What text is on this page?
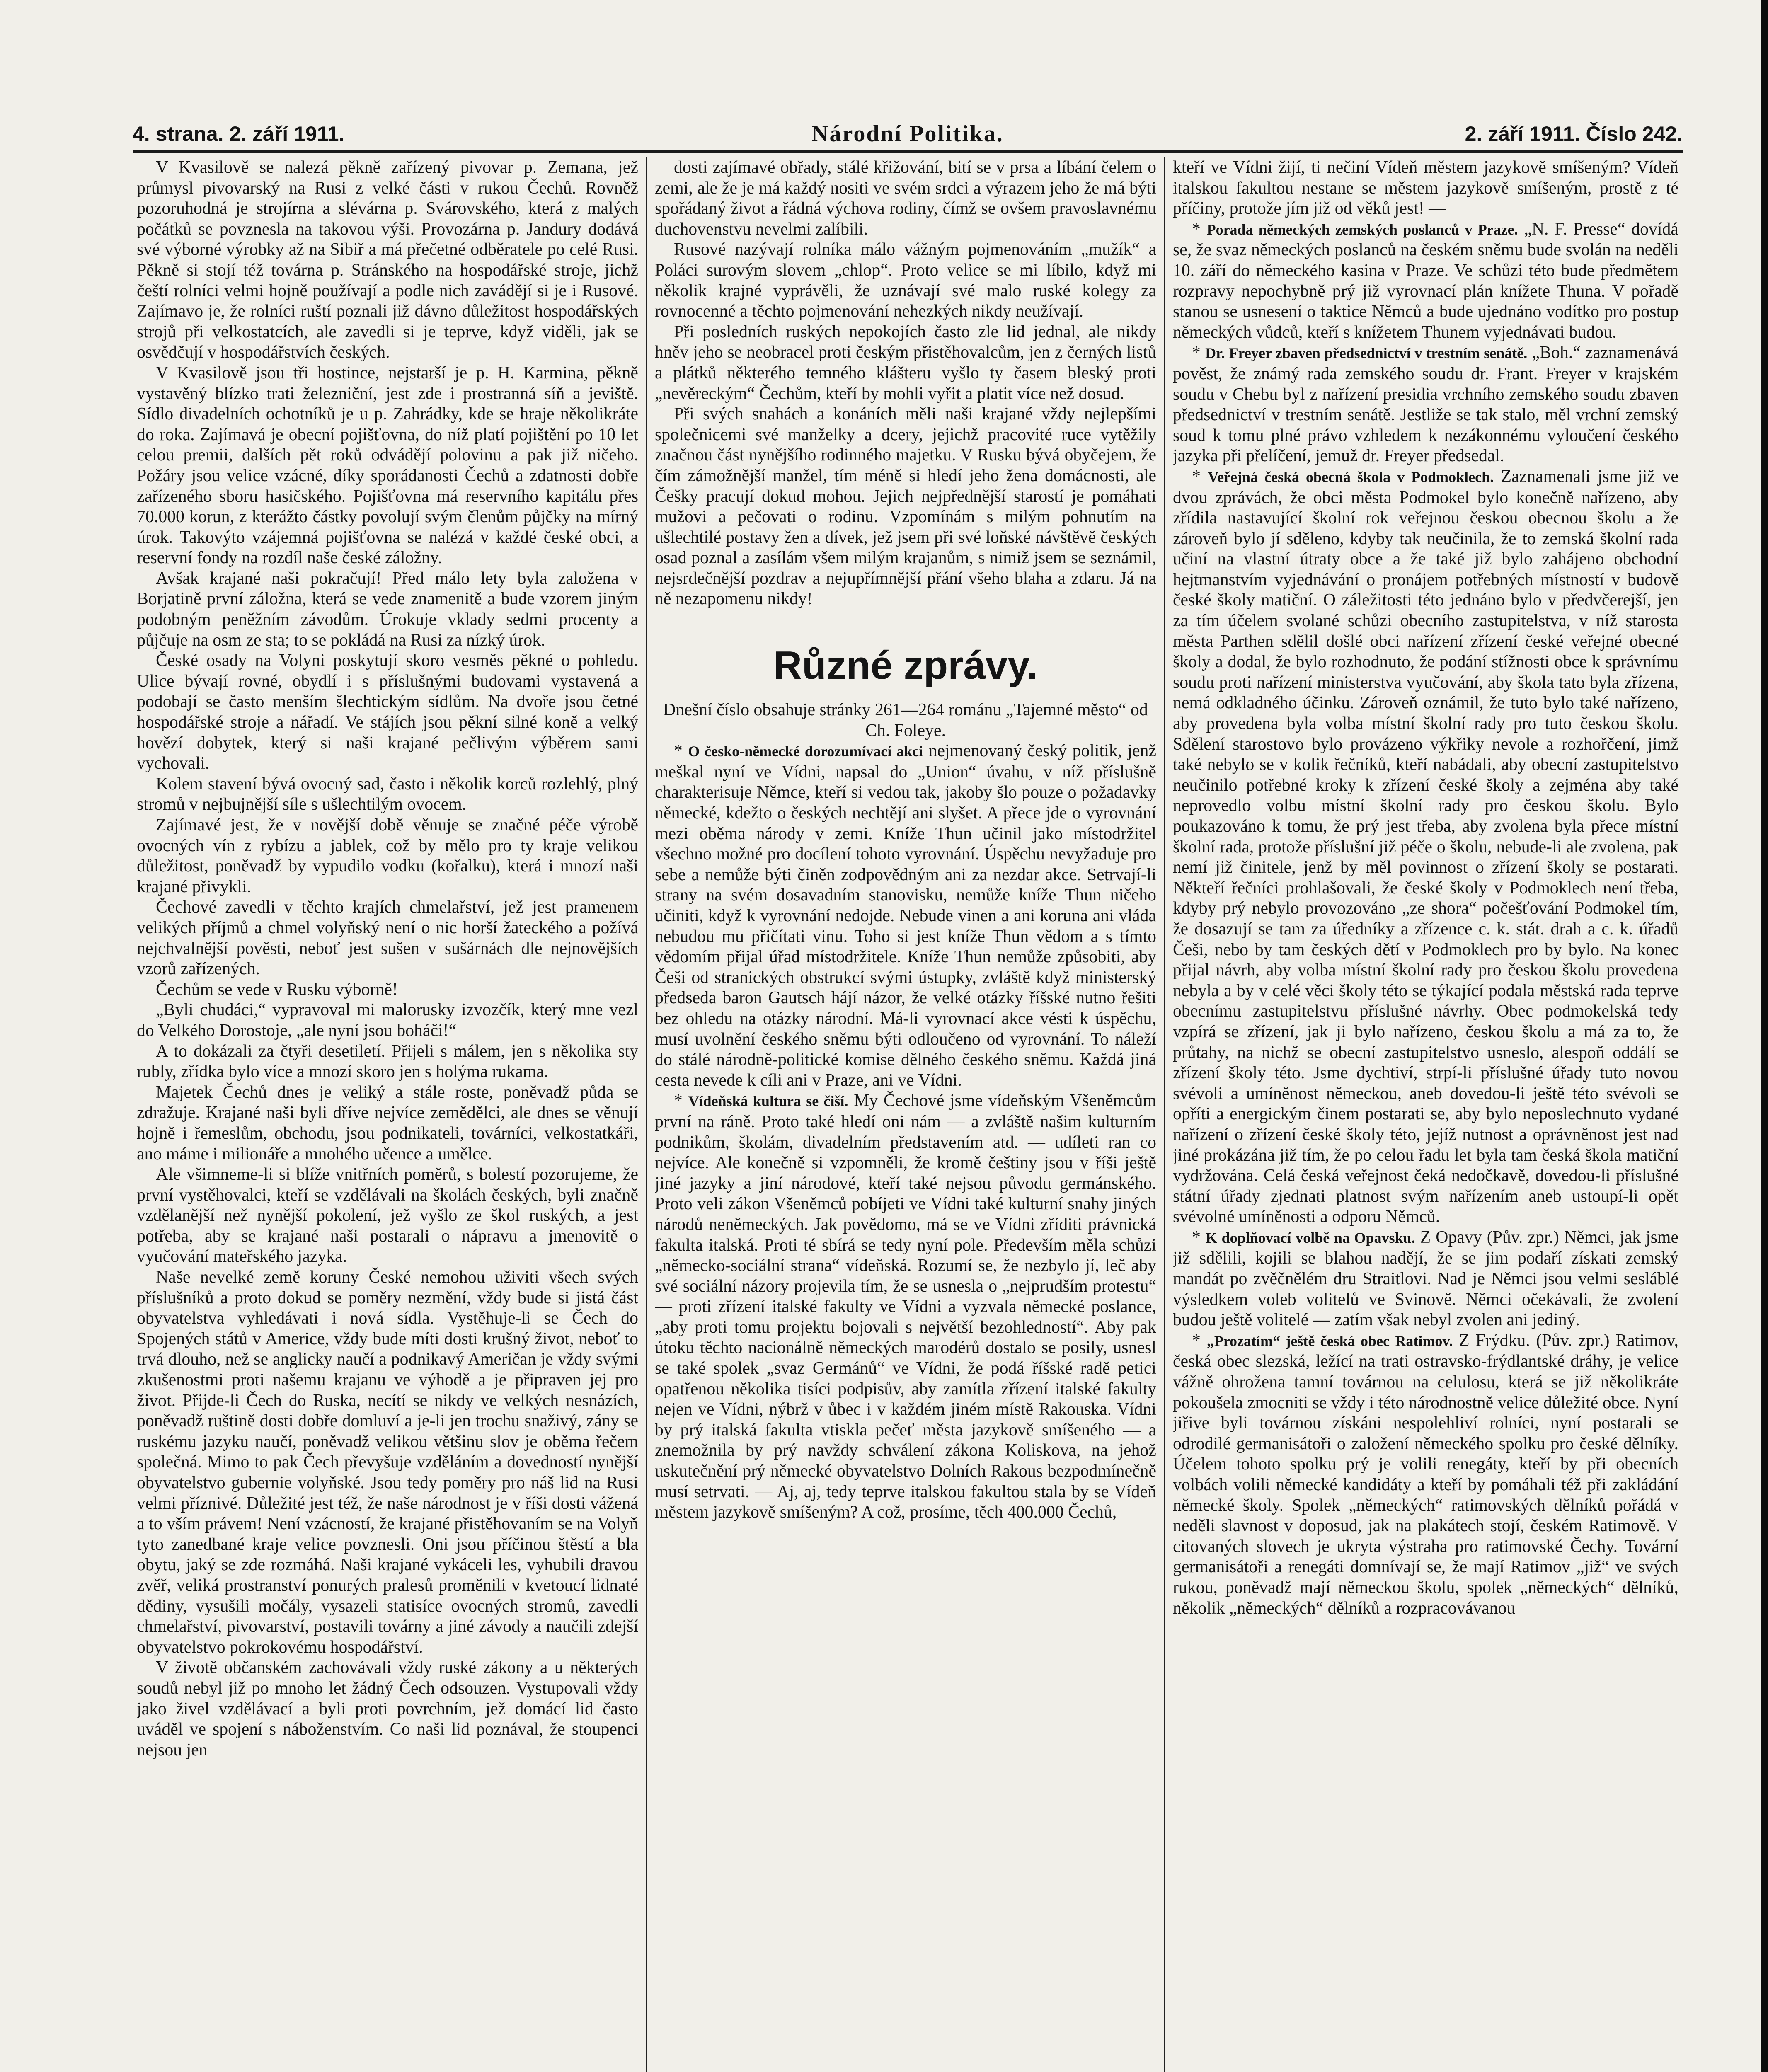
4. strana. 2. září 1911.	Národní Politika.	2. září 1911. Číslo 242.

V Kvasilově se nalezá pěkně zařízený pivovar p. Zemana, jež průmysl pivovarský na Rusi z velké části v rukou Čechů. Rovněž pozoruhodná je strojírna a slévárna p. Svárovského, která z malých počátků se povznesla na takovou výši. Provozárna p. Jandury dodává své výborné výrobky až na Sibiř a má přečetné odběratele po celé Rusi. Pěkně si stojí též továrna p. Stránského na hospodářské stroje, jichž čeští rolníci velmi hojně používají a podle nich zavádějí si je i Rusové. Zajímavo je, že rolníci ruští poznali již dávno důležitost hospodářských strojů při velkostatcích, ale zavedli si je teprve, když viděli, jak se osvědčují v hospodářstvích českých.

V Kvasilově jsou tři hostince, nejstarší je p. H. Karmina, pěkně vystavěný blízko trati železniční, jest zde i prostranná síň a jeviště. Sídlo divadelních ochotníků je u p. Zahrádky, kde se hraje několikráte do roka. Zajímavá je obecní pojišťovna, do níž platí pojištění po 10 let celou premii, dalších pět roků odvádějí polovinu a pak již ničeho. Požáry jsou velice vzácné, díky sporádanosti Čechů a zdatnosti dobře zařízeného sboru hasičského. Pojišťovna má reservního kapitálu přes 70.000 korun, z kterážto částky povolují svým členům půjčky na mírný úrok. Takovýto vzájemná pojišťovna se nalézá v každé české obci, a reservní fondy na rozdíl naše české záložny.

Avšak krajané naši pokračují! Před málo lety byla založena v Borjatině první záložna, která se vede znamenitě a bude vzorem jiným podobným peněžním závodům. Úrokuje vklady sedmi procenty a půjčuje na osm ze sta; to se pokládá na Rusi za nízký úrok.

České osady na Volyni poskytují skoro vesměs pěkné o pohledu. Ulice bývají rovné, obydlí i s příslušnými budovami vystavená a podobají se často menším šlechtickým sídlům. Na dvoře jsou četné hospodářské stroje a nářadí. Ve stájích jsou pěkní silné koně a velký hovězí dobytek, který si naši krajané pečlivým výběrem sami vychovali.

Kolem stavení bývá ovocný sad, často i několik korců rozlehlý, plný stromů v nejbujnější síle s ušlechtilým ovocem.

Zajímavé jest, že v novější době věnuje se značné péče výrobě ovocných vín z rybízu a jablek, což by mělo pro ty kraje velikou důležitost, poněvadž by vypudilo vodku (kořalku), která i mnozí naši krajané přivykli.

Čechové zavedli v těchto krajích chmelařství, jež jest pramenem velikých příjmů a chmel volyňský není o nic horší žateckého a požívá nejchvalnější pověsti, neboť jest sušen v sušárnách dle nejnovějších vzorů zařízených.

Čechům se vede v Rusku výborně!

„Byli chudáci,“ vypravoval mi malorusky izvozčík, který mne vezl do Velkého Dorostoje, „ale nyní jsou boháči!“

A to dokázali za čtyři desetiletí. Přijeli s málem, jen s několika sty rubly, zřídka bylo více a mnozí skoro jen s holýma rukama.

Majetek Čechů dnes je veliký a stále roste, poněvadž půda se zdražuje. Krajané naši byli dříve nejvíce zemědělci, ale dnes se věnují hojně i řemeslům, obchodu, jsou podnikateli, továrníci, velkostatkáři, ano máme i milionáře a mnohého učence a umělce.

Ale všimneme-li si blíže vnitřních poměrů, s bolestí pozorujeme, že první vystěhovalci, kteří se vzdělávali na školách českých, byli značně vzdělanější než nynější pokolení, jež vyšlo ze škol ruských, a jest potřeba, aby se krajané naši postarali o nápravu a jmenovitě o vyučování mateřského jazyka.

Naše nevelké země koruny České nemohou uživiti všech svých příslušníků a proto dokud se poměry nezmění, vždy bude si jistá část obyvatelstva vyhledávati i nová sídla. Vystěhuje-li se Čech do Spojených států v Americe, vždy bude míti dosti krušný život, neboť to trvá dlouho, než se anglicky naučí a podnikavý Američan je vždy svými zkušenostmi proti našemu krajanu ve výhodě a je připraven jej pro život. Přijde-li Čech do Ruska, necítí se nikdy ve velkých nesnázích, poněvadž ruštině dosti dobře domluví a je-li jen trochu snaživý, zány se ruskému jazyku naučí, poněvadž velikou většinu slov je oběma řečem společná. Mimo to pak Čech převyšuje vzděláním a dovedností nynější obyvatelstvo gubernie volyňské. Jsou tedy poměry pro náš lid na Rusi velmi příznivé. Důležité jest též, že naše národnost je v říši dosti vážená a to vším právem! Není vzácností, že krajané přistěhovaním se na Volyň tyto zanedbané kraje velice povznesli. Oni jsou příčinou štěstí a bla obytu, jaký se zde rozmáhá. Naši krajané vykáceli les, vyhubili dravou zvěř, veliká prostranství ponurých pralesů proměnili v kvetoucí lidnaté dědiny, vysušili močály, vysazeli statisíce ovocných stromů, zavedli chmelařství, pivovarství, postavili továrny a jiné závody a naučili zdejší obyvatelstvo pokrokovému hospodářství.

V životě občanském zachovávali vždy ruské zákony a u některých soudů nebyl již po mnoho let žádný Čech odsouzen. Vystupovali vždy jako živel vzdělávací a byli proti povrchním, jež domácí lid často uváděl ve spojení s náboženstvím. Co naši lid poznával, že stoupenci nejsou jen

dosti zajímavé obřady, stálé křižování, bití se v prsa a líbání čelem o zemi, ale že je má každý nositi ve svém srdci a výrazem jeho že má býti spořádaný život a řádná výchova rodiny, čímž se ovšem pravoslavnému duchovenstvu nevelmi zalíbili.

Rusové nazývají rolníka málo vážným pojmenováním „mužík“ a Poláci surovým slovem „chlop“. Proto velice se mi líbilo, když mi několik krajné vyprávěli, že uznávají své malo ruské kolegy za rovnocenné a těchto pojmenování nehezkých nikdy neužívají.

Při posledních ruských nepokojích často zle lid jednal, ale nikdy hněv jeho se neobracel proti českým přistěhovalcům, jen z černých listů a plátků některého temného klášteru vyšlo ty časem bleský proti „nevěreckým“ Čechům, kteří by mohli vyřit a platit více než dosud.

Při svých snahách a konáních měli naši krajané vždy nejlepšími společnicemi své manželky a dcery, jejichž pracovité ruce vytěžily značnou část nynějšího rodinného majetku. V Rusku bývá obyčejem, že čím zámožnější manžel, tím méně si hledí jeho žena domácnosti, ale Češky pracují dokud mohou. Jejich nejpřednější starostí je pomáhati mužovi a pečovati o rodinu. Vzpomínám s milým pohnutím na ušlechtilé postavy žen a dívek, jež jsem při své loňské návštěvě českých osad poznal a zasílám všem milým krajanům, s nimiž jsem se seznámil, nejsrdečnější pozdrav a nejupřímnější přání všeho blaha a zdaru. Já na ně nezapomenu nikdy!

Různé zprávy.

Dnešní číslo obsahuje stránky 261—264 románu „Tajemné město“ od Ch. Foleye.

* O česko-německé dorozumívací akci nejmenovaný český politik, jenž meškal nyní ve Vídni, napsal do „Union“ úvahu, v níž příslušně charakterisuje Němce, kteří si vedou tak, jakoby šlo pouze o požadavky německé, kdežto o českých nechtějí ani slyšet. A přece jde o vyrovnání mezi oběma národy v zemi. Kníže Thun učinil jako místodržitel všechno možné pro docílení tohoto vyrovnání. Úspěchu nevyžaduje pro sebe a nemůže býti činěn zodpovědným ani za nezdar akce. Setrvají-li strany na svém dosavadním stanovisku, nemůže kníže Thun ničeho učiniti, když k vyrovnání nedojde. Nebude vinen a ani koruna ani vláda nebudou mu přičítati vinu. Toho si jest kníže Thun vědom a s tímto vědomím přijal úřad místodržitele. Kníže Thun nemůže způsobiti, aby Češi od stranických obstrukcí svými ústupky, zvláště když ministerský předseda baron Gautsch hájí názor, že velké otázky říšské nutno řešiti bez ohledu na otázky národní. Má-li vyrovnací akce vésti k úspěchu, musí uvolnění českého sněmu býti odloučeno od vyrovnání. To náleží do stálé národně-politické komise dělného českého sněmu. Každá jiná cesta nevede k cíli ani v Praze, ani ve Vídni.

* Vídeňská kultura se čiší. My Čechové jsme vídeňským Všeněmcům první na ráně. Proto také hledí oni nám — a zvláště našim kulturním podnikům, školám, divadelním představením atd. — udíleti ran co nejvíce. Ale konečně si vzpomněli, že kromě češtiny jsou v říši ještě jiné jazyky a jiní národové, kteří také nejsou původu germánského. Proto veli zákon Všeněmců pobíjeti ve Vídni také kulturní snahy jiných národů neněmeckých. Jak povědomo, má se ve Vídni zříditi právnická fakulta italská. Proti té sbírá se tedy nyní pole. Především měla schůzi „německo-sociální strana“ vídeňská. Rozumí se, že nezbylo jí, leč aby své sociální názory projevila tím, že se usnesla o „nejprudším protestu“ — proti zřízení italské fakulty ve Vídni a vyzvala německé poslance, „aby proti tomu projektu bojovali s největší bezohledností“. Aby pak útoku těchto nacionálně německých marodérů dostalo se posily, usnesl se také spolek „svaz Germánů“ ve Vídni, že podá říšské radě petici opatřenou několika tisíci podpisův, aby zamítla zřízení italské fakulty nejen ve Vídni, nýbrž v ůbec i v každém jiném místě Rakouska. Vídni by prý italská fakulta vtiskla pečeť města jazykově smíšeného — a znemožnila by prý navždy schválení zákona Koliskova, na jehož uskutečnění prý německé obyvatelstvo Dolních Rakous bezpodmínečně musí setrvati. — Aj, aj, tedy teprve italskou fakultou stala by se Vídeň městem jazykově smíšeným? A což, prosíme, těch 400.000 Čechů,

kteří ve Vídni žijí, ti nečiní Vídeň městem jazykově smíšeným? Vídeň italskou fakultou nestane se městem jazykově smíšeným, prostě z té příčiny, protože jím již od věků jest! —

* Porada německých zemských poslanců v Praze. „N. F. Presse“ dovídá se, že svaz německých poslanců na českém sněmu bude svolán na neděli 10. září do německého kasina v Praze. Ve schůzi této bude předmětem rozpravy nepochybně prý již vyrovnací plán knížete Thuna. V pořadě stanou se usnesení o taktice Němců a bude ujednáno vodítko pro postup německých vůdců, kteří s knížetem Thunem vyjednávati budou.

* Dr. Freyer zbaven předsednictví v trestním senátě. „Boh.“ zaznamenává pověst, že známý rada zemského soudu dr. Frant. Freyer v krajském soudu v Chebu byl z nařízení presidia vrchního zemského soudu zbaven předsednictví v trestním senátě. Jestliže se tak stalo, měl vrchní zemský soud k tomu plné právo vzhledem k nezákonnému vyloučení českého jazyka při přelíčení, jemuž dr. Freyer předsedal.

* Veřejná česká obecná škola v Podmoklech. Zaznamenali jsme již ve dvou zprávách, že obci města Podmokel bylo konečně nařízeno, aby zřídila nastavující školní rok veřejnou českou obecnou školu a že zároveň bylo jí sděleno, kdyby tak neučinila, že to zemská školní rada učiní na vlastní útraty obce a že také již bylo zahájeno obchodní hejtmanstvím vyjednávání o pronájem potřebných místností v budově české školy matiční. O záležitosti této jednáno bylo v předvčerejší, jen za tím účelem svolané schůzi obecního zastupitelstva, v níž starosta města Parthen sdělil došlé obci nařízení zřízení české veřejné obecné školy a dodal, že bylo rozhodnuto, že podání stížnosti obce k správnímu soudu proti nařízení ministerstva vyučování, aby škola tato byla zřízena, nemá odkladného účinku. Zároveň oznámil, že tuto bylo také nařízeno, aby provedena byla volba místní školní rady pro tuto českou školu. Sdělení starostovo bylo provázeno výkřiky nevole a rozhořčení, jimž také nebylo se v kolik řečníků, kteří nabádali, aby obecní zastupitelstvo neučinilo potřebné kroky k zřízení české školy a zejména aby také neprovedlo volbu místní školní rady pro českou školu. Bylo poukazováno k tomu, že prý jest třeba, aby zvolena byla přece místní školní rada, protože příslušní již péče o školu, nebude-li ale zvolena, pak nemí již činitele, jenž by měl povinnost o zřízení školy se postarati. Někteří řečníci prohlašovali, že české školy v Podmoklech není třeba, kdyby prý nebylo provozováno „ze shora“ počešťování Podmokel tím, že dosazují se tam za úředníky a zřízence c. k. stát. drah a c. k. úřadů Češi, nebo by tam českých dětí v Podmoklech pro by bylo. Na konec přijal návrh, aby volba místní školní rady pro českou školu provedena nebyla a by v celé věci školy této se týkající podala městská rada teprve obecnímu zastupitelstvu příslušné návrhy. Obec podmokelská tedy vzpírá se zřízení, jak ji bylo nařízeno, českou školu a má za to, že průtahy, na nichž se obecní zastupitelstvo usneslo, alespoň oddálí se zřízení školy této. Jsme dychtiví, strpí-li příslušné úřady tuto novou svévoli a umíněnost německou, aneb dovedou-li ještě této svévoli se opříti a energickým činem postarati se, aby bylo neposlechnuto vydané nařízení o zřízení české školy této, jejíž nutnost a oprávněnost jest nad jiné prokázána již tím, že po celou řadu let byla tam česká škola matiční vydržována. Celá česká veřejnost čeká nedočkavě, dovedou-li příslušné státní úřady zjednati platnost svým nařízením aneb ustoupí-li opět svévolné umíněnosti a odporu Němců.

* K doplňovací volbě na Opavsku. Z Opavy (Pův. zpr.) Němci, jak jsme již sdělili, kojili se blahou nadějí, že se jim podaří získati zemský mandát po zvěčnělém dru Straitlovi. Nad je Němci jsou velmi sesláblé výsledkem voleb volitelů ve Svinově. Němci očekávali, že zvolení budou ještě volitelé — zatím však nebyl zvolen ani jediný.

* „Prozatím“ ještě česká obec Ratimov. Z Frýdku. (Pův. zpr.) Ratimov, česká obec slezská, ležící na trati ostravsko-frýdlantské dráhy, je velice vážně ohrožena tamní továrnou na celulosu, která se již několikráte pokoušela zmocniti se vždy i této národnostně velice důležité obce. Nyní jiřive byli továrnou získáni nespolehliví rolníci, nyní postarali se odrodilé germanisátoři o založení německého spolku pro české dělníky. Účelem tohoto spolku prý je volili renegáty, kteří by při obecních volbách volili německé kandidáty a kteří by pomáhali též při zakládání německé školy. Spolek „německých“ ratimovských dělníků pořádá v neděli slavnost v doposud, jak na plakátech stojí, českém Ratimově. V citovaných slovech je ukryta výstraha pro ratimovské Čechy. Tovární germanisátoři a renegáti domnívají se, že mají Ratimov „již“ ve svých rukou, poněvadž mají německou školu, spolek „německých“ dělníků, několik „německých“ dělníků a rozpracovávanou
